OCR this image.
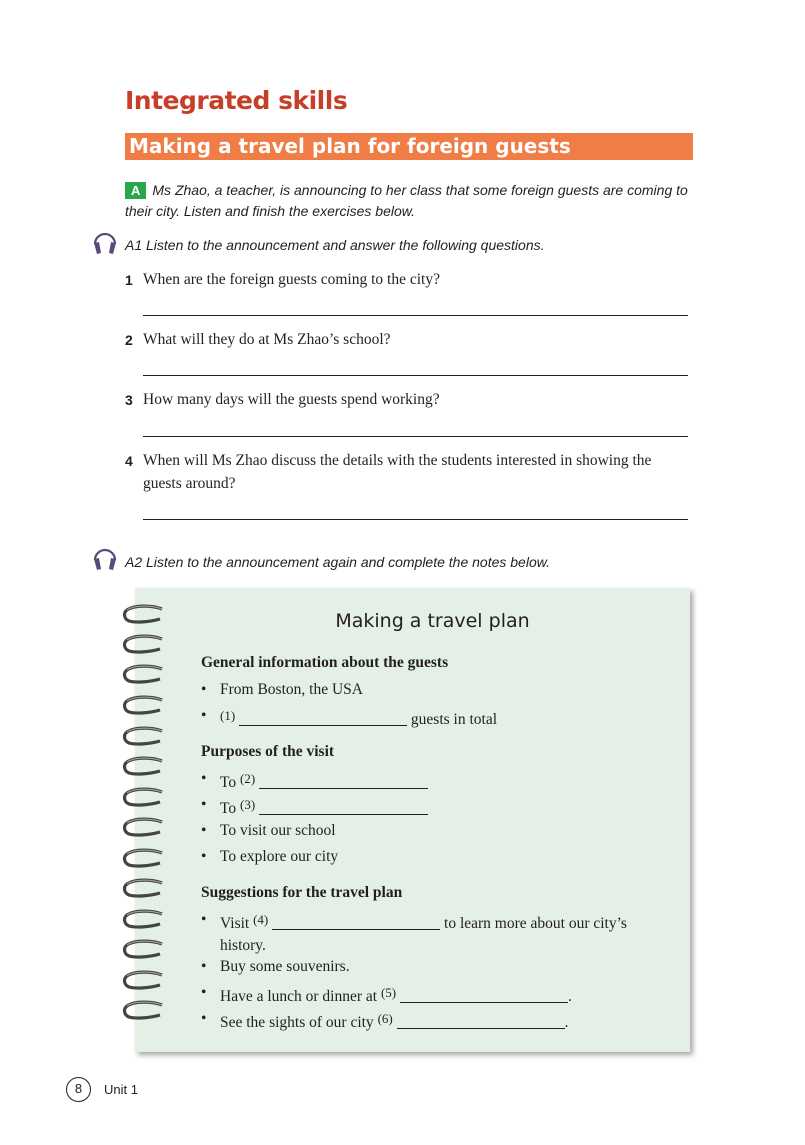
Integrated skills
Making a travel plan for foreign guests
A Ms Zhao, a teacher, is announcing to her class that some foreign guests are coming to their city. Listen and finish the exercises below.
A1 Listen to the announcement and answer the following questions.
1 When are the foreign guests coming to the city?
2 What will they do at Ms Zhao’s school?
3 How many days will the guests spend working?
4 When will Ms Zhao discuss the details with the students interested in showing the guests around?
A2 Listen to the announcement again and complete the notes below.
Making a travel plan
General information about the guests
• From Boston, the USA
• $^{(1)}$	guests in total
Purposes of the visit
• To $^{(2)}$
• To $^{(3)}$
• To visit our school
• To explore our city
Suggestions for the travel plan
• Visit $^{(4)}$	to learn more about our city’s history.
• Buy some souvenirs.
• Have a lunch or dinner at $^{(5)}$	.
• See the sights of our city $^{(6)}$	.
8	Unit 1
